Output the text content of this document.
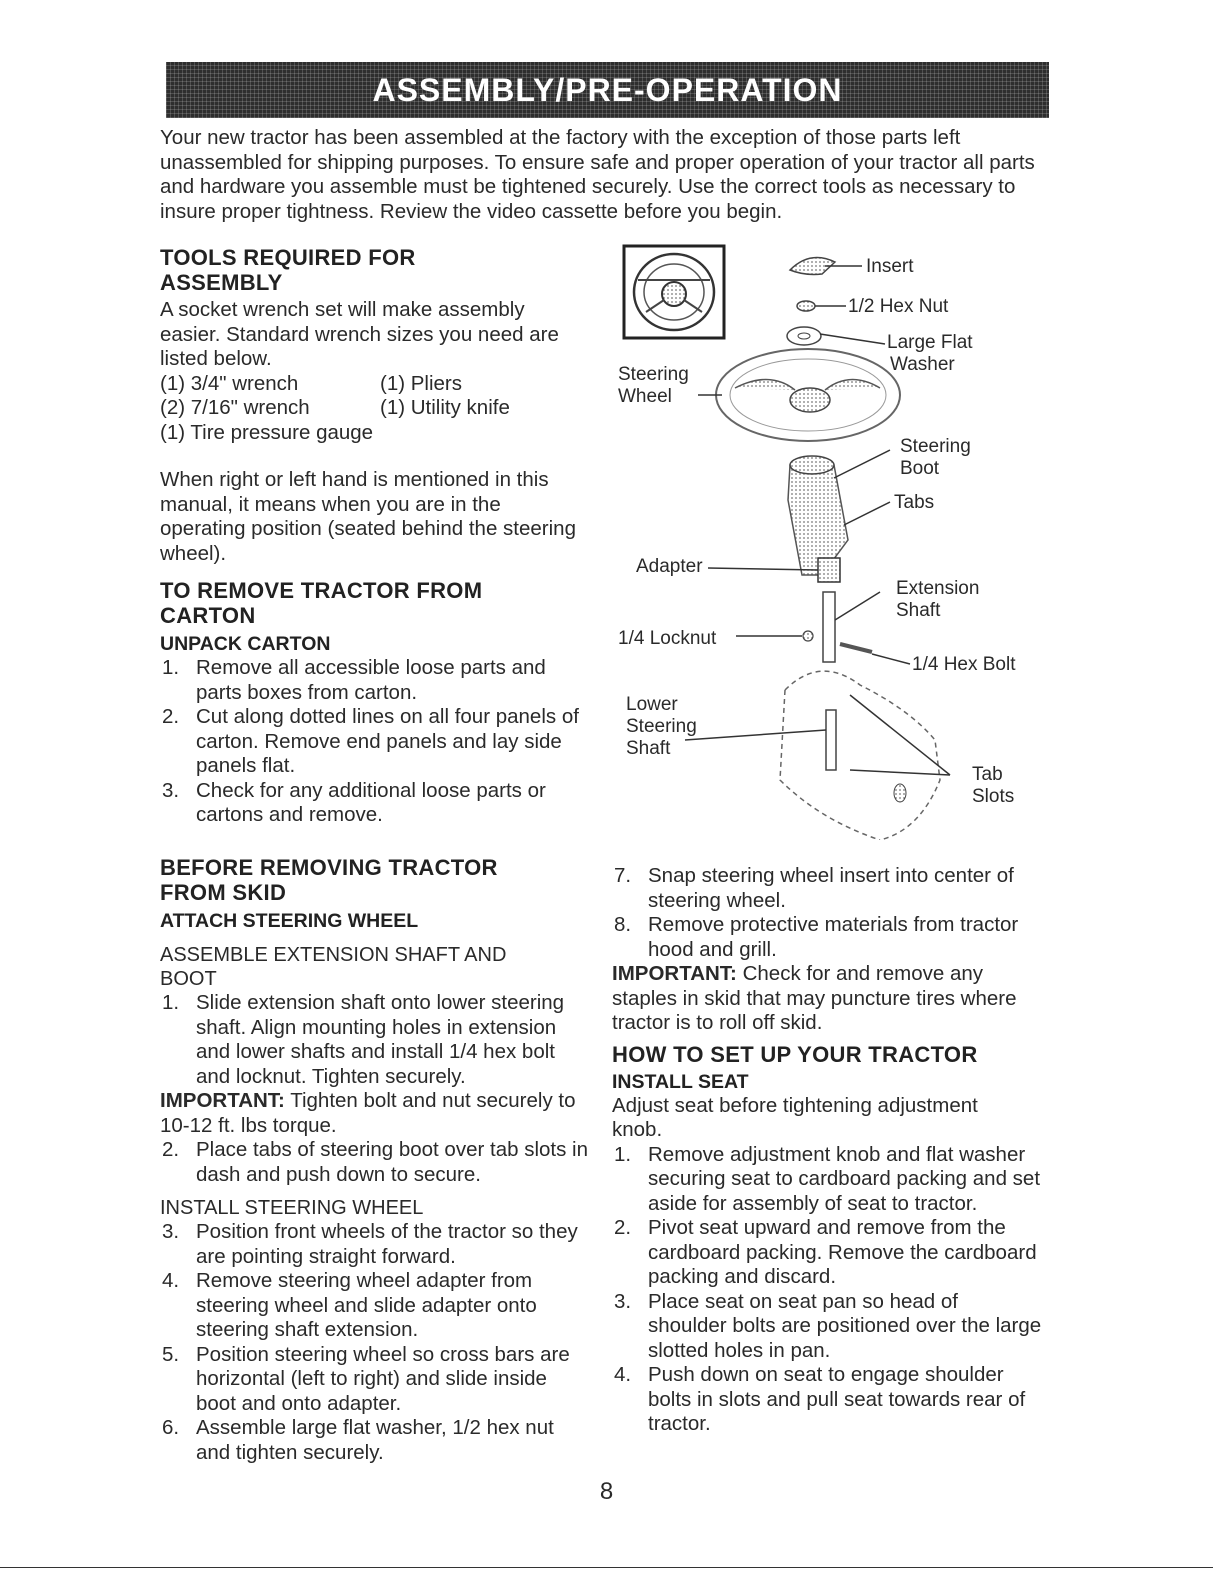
ASSEMBLY/PRE-OPERATION

Your new tractor has been assembled at the factory with the exception of those parts left unassembled for shipping purposes. To ensure safe and proper operation of your tractor all parts and hardware you assemble must be tightened securely. Use the correct tools as necessary to insure proper tightness. Review the video cassette before you begin.

TOOLS REQUIRED FOR ASSEMBLY

A socket wrench set will make assembly easier. Standard wrench sizes you need are listed below.

(1) 3/4" wrench	(1) Pliers
(2) 7/16" wrench	(1) Utility knife
(1) Tire pressure gauge

When right or left hand is mentioned in this manual, it means when you are in the operating position (seated behind the steering wheel).

TO REMOVE TRACTOR FROM CARTON

UNPACK CARTON

1. Remove all accessible loose parts and parts boxes from carton.
2. Cut along dotted lines on all four panels of carton. Remove end panels and lay side panels flat.
3. Check for any additional loose parts or cartons and remove.

BEFORE REMOVING TRACTOR FROM SKID

ATTACH STEERING WHEEL

ASSEMBLE EXTENSION SHAFT AND BOOT

1. Slide extension shaft onto lower steering shaft. Align mounting holes in extension and lower shafts and install 1/4 hex bolt and locknut. Tighten securely.

IMPORTANT: Tighten bolt and nut securely to 10-12 ft. lbs torque.

2. Place tabs of steering boot over tab slots in dash and push down to secure.

INSTALL STEERING WHEEL

3. Position front wheels of the tractor so they are pointing straight forward.
4. Remove steering wheel adapter from steering wheel and slide adapter onto steering shaft extension.
5. Position steering wheel so cross bars are horizontal (left to right) and slide inside boot and onto adapter.
6. Assemble large flat washer, 1/2 hex nut and tighten securely.
Insert
1/2 Hex Nut
Large Flat
Washer
Steering
Wheel
Steering
Boot
Tabs
Adapter
Extension
Shaft
1/4 Locknut
1/4 Hex Bolt
Lower
Steering
Shaft
Tab
Slots
7. Snap steering wheel insert into center of steering wheel.
8. Remove protective materials from tractor hood and grill.

IMPORTANT: Check for and remove any staples in skid that may puncture tires where tractor is to roll off skid.

HOW TO SET UP YOUR TRACTOR

INSTALL SEAT

Adjust seat before tightening adjustment knob.

1. Remove adjustment knob and flat washer securing seat to cardboard packing and set aside for assembly of seat to tractor.
2. Pivot seat upward and remove from the cardboard packing. Remove the cardboard packing and discard.
3. Place seat on seat pan so head of shoulder bolts are positioned over the large slotted holes in pan.
4. Push down on seat to engage shoulder bolts in slots and pull seat towards rear of tractor.
8
